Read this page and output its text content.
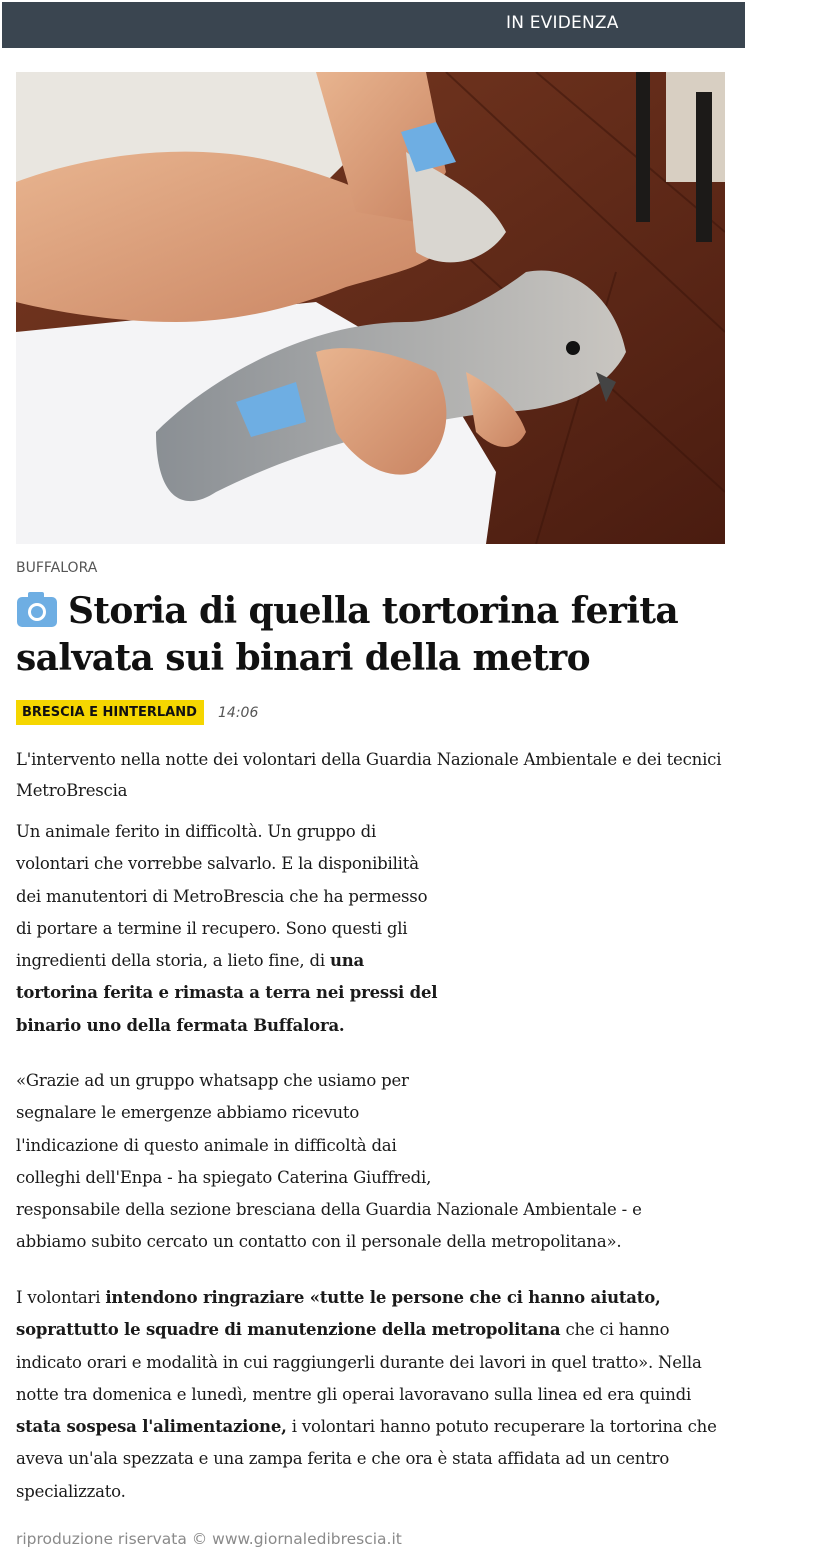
IN EVIDENZA
BUFFALORA
Storia di quella tortorina ferita
salvata sui binari della metro
BRESCIA E HINTERLAND 14:06
L'intervento nella notte dei volontari della Guardia Nazionale Ambientale e dei tecnici MetroBrescia

Un animale ferito in difficoltà. Un gruppo di
volontari che vorrebbe salvarlo. E la disponibilità
dei manutentori di MetroBrescia che ha permesso
di portare a termine il recupero. Sono questi gli
ingredienti della storia, a lieto fine, di una
tortorina ferita e rimasta a terra nei pressi del
binario uno della fermata Buffalora.

«Grazie ad un gruppo whatsapp che usiamo per
segnalare le emergenze abbiamo ricevuto
l'indicazione di questo animale in difficoltà dai
colleghi dell'Enpa - ha spiegato Caterina Giuffredi,
responsabile della sezione bresciana della Guardia Nazionale Ambientale - e
abbiamo subito cercato un contatto con il personale della metropolitana».

I volontari intendono ringraziare «tutte le persone che ci hanno aiutato,
soprattutto le squadre di manutenzione della metropolitana che ci hanno
indicato orari e modalità in cui raggiungerli durante dei lavori in quel tratto». Nella
notte tra domenica e lunedì, mentre gli operai lavoravano sulla linea ed era quindi
stata sospesa l'alimentazione, i volontari hanno potuto recuperare la tortorina che
aveva un'ala spezzata e una zampa ferita e che ora è stata affidata ad un centro
specializzato.

riproduzione riservata © www.giornaledibrescia.it
